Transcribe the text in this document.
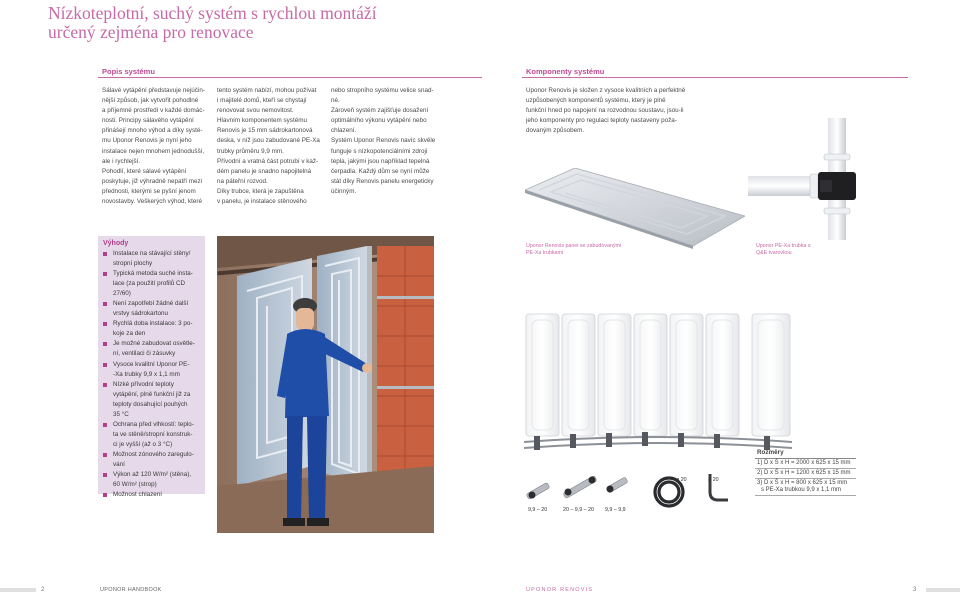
Nízkoteplotní, suchý systém s rychlou montáží
určený zejména pro renovace
Popis systému	Komponenty systému

Sálavé vytápění představuje nejúčin-

nější způsob, jak vytvořit pohodlné

a příjemné prostředí v každé domác-

nosti. Principy sálavého vytápění

přinášejí mnoho výhod a díky systé-

mu Uponor Renovis je nyní jeho

instalace nejen mnohem jednodušší,

ale i rychlejší.

Pohodlí, které sálavé vytápění

poskytuje, již výhradně nepatří mezi

přednosti, kterými se pyšní jenom

novostavby. Veškerých výhod, které

tento systém nabízí, mohou požívat

i majitelé domů, kteří se chystají

renovovat svou nemovitost.

Hlavním komponentem systému

Renovis je 15 mm sádrokartonová

deska, v níž jsou zabudované PE-Xa

trubky průměru 9,9 mm.

Přívodní a vratná část potrubí v kaž-

dém panelu je snadno napojitelná

na páteřní rozvod.

Díky trubce, která je zapuštěna

v panelu, je instalace stěnového

nebo stropního systému velice snad-

né.

Zároveň systém zajišťuje dosažení

optimálního výkonu vytápění nebo

chlazení.

Systém Uponor Renovis navíc skvěle

funguje s nízkopotenciálními zdroji

tepla, jakými jsou například tepelná

čerpadla. Každý dům se nyní může

stát díky Renovis panelu energeticky

účinným.

Uponor Renovis je složen z vysoce kvalitních a perfektně

uzpůsobených komponentů systému, který je plně

funkční hned po napojení na rozvodnou soustavu, jsou-li

jeho komponenty pro regulaci teploty nastaveny poža-

dovaným způsobem.

Výhody
Instalace na stávající stěny/
stropní plochy
Typická metoda suché insta-
lace (za použití profilů CD
27/60)
Není zapotřebí žádné další
vrstvy sádrokartonu
Rychlá doba instalace: 3 po-
koje za den
Je možné zabudovat osvětle-
ní, ventilaci či zásuvky
Vysoce kvalitní Uponor PE-
-Xa trubky 9,9 x 1,1 mm
Nízké přívodní teploty
vytápění, plně funkční již za
teploty dosahující pouhých
35 °C
Ochrana před vlhkostí: teplo-
ta ve stěně/stropní konstruk-
ci je vyšší (až o 3 °C)
Možnost zónového zaregulo-
vání
Výkon až 120 W/m² (stěna),
60 W/m² (strop)
Možnost chlazení
Uponor Renovis panel se zabudovanými
PE-Xa trubkami
Uponor PE-Xa trubka s
Q&E tvarovkou
9,9 – 20	20 – 9,9 – 20 9,9 – 9,9
ø 20	ø 20
Rozměry
1) D x Š x H = 2000 x 625 x 15 mm
2) D x Š x H = 1200 x 625 x 15 mm
3) D x Š x H = 800 x 625 x 15 mm
s PE-Xa trubkou 9,9 x 1,1 mm
2	UPONOR HANDBOOK	UPONOR RENOVIS	3
